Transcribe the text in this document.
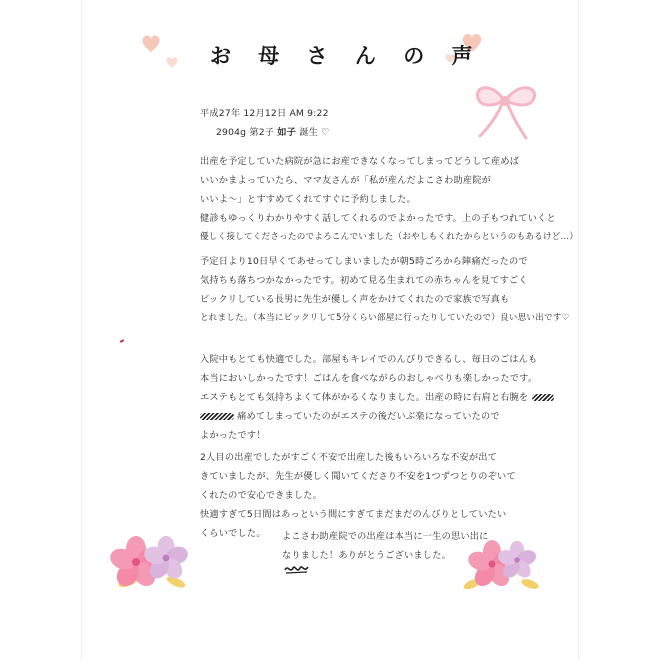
お 母 さ ん の 声
平成27年 12月12日 AM 9:22
2904g 第2子 如子 誕生 ♡
出産を予定していた病院が急にお産できなくなってしまってどうして産めば
いいかまよっていたら、ママ友さんが「私が産んだよこさわ助産院が
いいよ〜」とすすめてくれてすぐに予約しました。
健診もゆっくりわかりやすく話してくれるのでよかったです。上の子もつれていくと
優しく接してくださったのでよろこんでいました（おやしもくれたからというのもあるけど…）
予定日より10日早くてあせってしまいましたが朝5時ごろから陣痛だったので
気持ちも落ちつかなかったです。初めて見る生まれての赤ちゃんを見てすごく
ビックリしている長男に先生が優しく声をかけてくれたので家族で写真も
とれました。（本当にビックリして5分くらい部屋に行ったりしていたので）良い思い出です♡
入院中もとても快適でした。部屋もキレイでのんびりできるし、毎日のごはんも
本当においしかったです！ごはんを食べながらのおしゃべりも楽しかったです。
エステもとても気持ちよくて体がかるくなりました。出産の時に右肩と右腕を
痛めてしまっていたのがエステの後だいぶ楽になっていたので
よかったです！
2人目の出産でしたがすごく不安で出産した後もいろいろな不安が出て
きていましたが、先生が優しく聞いてくださり不安を1つずつとりのぞいて
くれたので安心できました。
快適すぎて5日間はあっという間にすぎてまだまだのんびりとしていたい
くらいでした。	よこさわ助産院での出産は本当に一生の思い出に
なりました！ありがとうございました。
